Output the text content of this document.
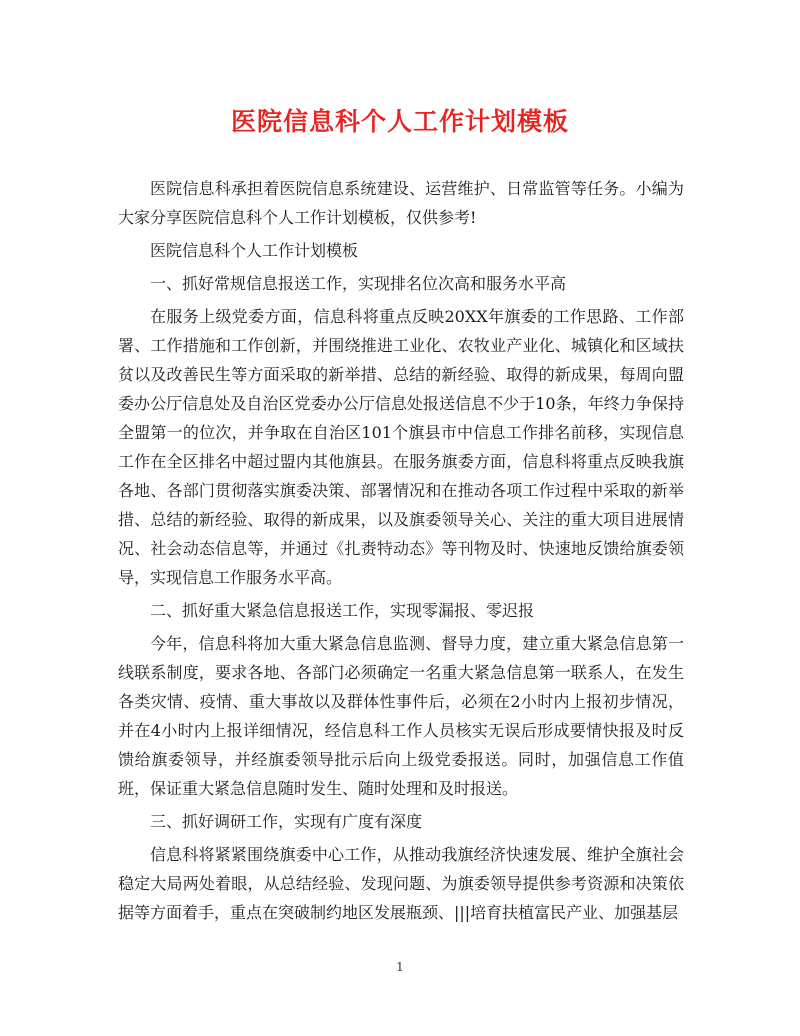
医院信息科个人工作计划模板

医院信息科承担着医院信息系统建设、运营维护、日常监管等任务。小编为大家分享医院信息科个人工作计划模板，仅供参考!

医院信息科个人工作计划模板

一、抓好常规信息报送工作，实现排名位次高和服务水平高

在服务上级党委方面，信息科将重点反映20XX年旗委的工作思路、工作部署、工作措施和工作创新，并围绕推进工业化、农牧业产业化、城镇化和区域扶贫以及改善民生等方面采取的新举措、总结的新经验、取得的新成果，每周向盟委办公厅信息处及自治区党委办公厅信息处报送信息不少于10条，年终力争保持全盟第一的位次，并争取在自治区101个旗县市中信息工作排名前移，实现信息工作在全区排名中超过盟内其他旗县。在服务旗委方面，信息科将重点反映我旗各地、各部门贯彻落实旗委决策、部署情况和在推动各项工作过程中采取的新举措、总结的新经验、取得的新成果，以及旗委领导关心、关注的重大项目进展情况、社会动态信息等，并通过《扎赉特动态》等刊物及时、快速地反馈给旗委领导，实现信息工作服务水平高。

二、抓好重大紧急信息报送工作，实现零漏报、零迟报

今年，信息科将加大重大紧急信息监测、督导力度，建立重大紧急信息第一线联系制度，要求各地、各部门必须确定一名重大紧急信息第一联系人，在发生各类灾情、疫情、重大事故以及群体性事件后，必须在2小时内上报初步情况，并在4小时内上报详细情况，经信息科工作人员核实无误后形成要情快报及时反馈给旗委领导，并经旗委领导批示后向上级党委报送。同时，加强信息工作值班，保证重大紧急信息随时发生、随时处理和及时报送。

三、抓好调研工作，实现有广度有深度

信息科将紧紧围绕旗委中心工作，从推动我旗经济快速发展、维护全旗社会稳定大局两处着眼，从总结经验、发现问题、为旗委领导提供参考资源和决策依据等方面着手，重点在突破制约地区发展瓶颈、|||培育扶植富民产业、加强基层

1
